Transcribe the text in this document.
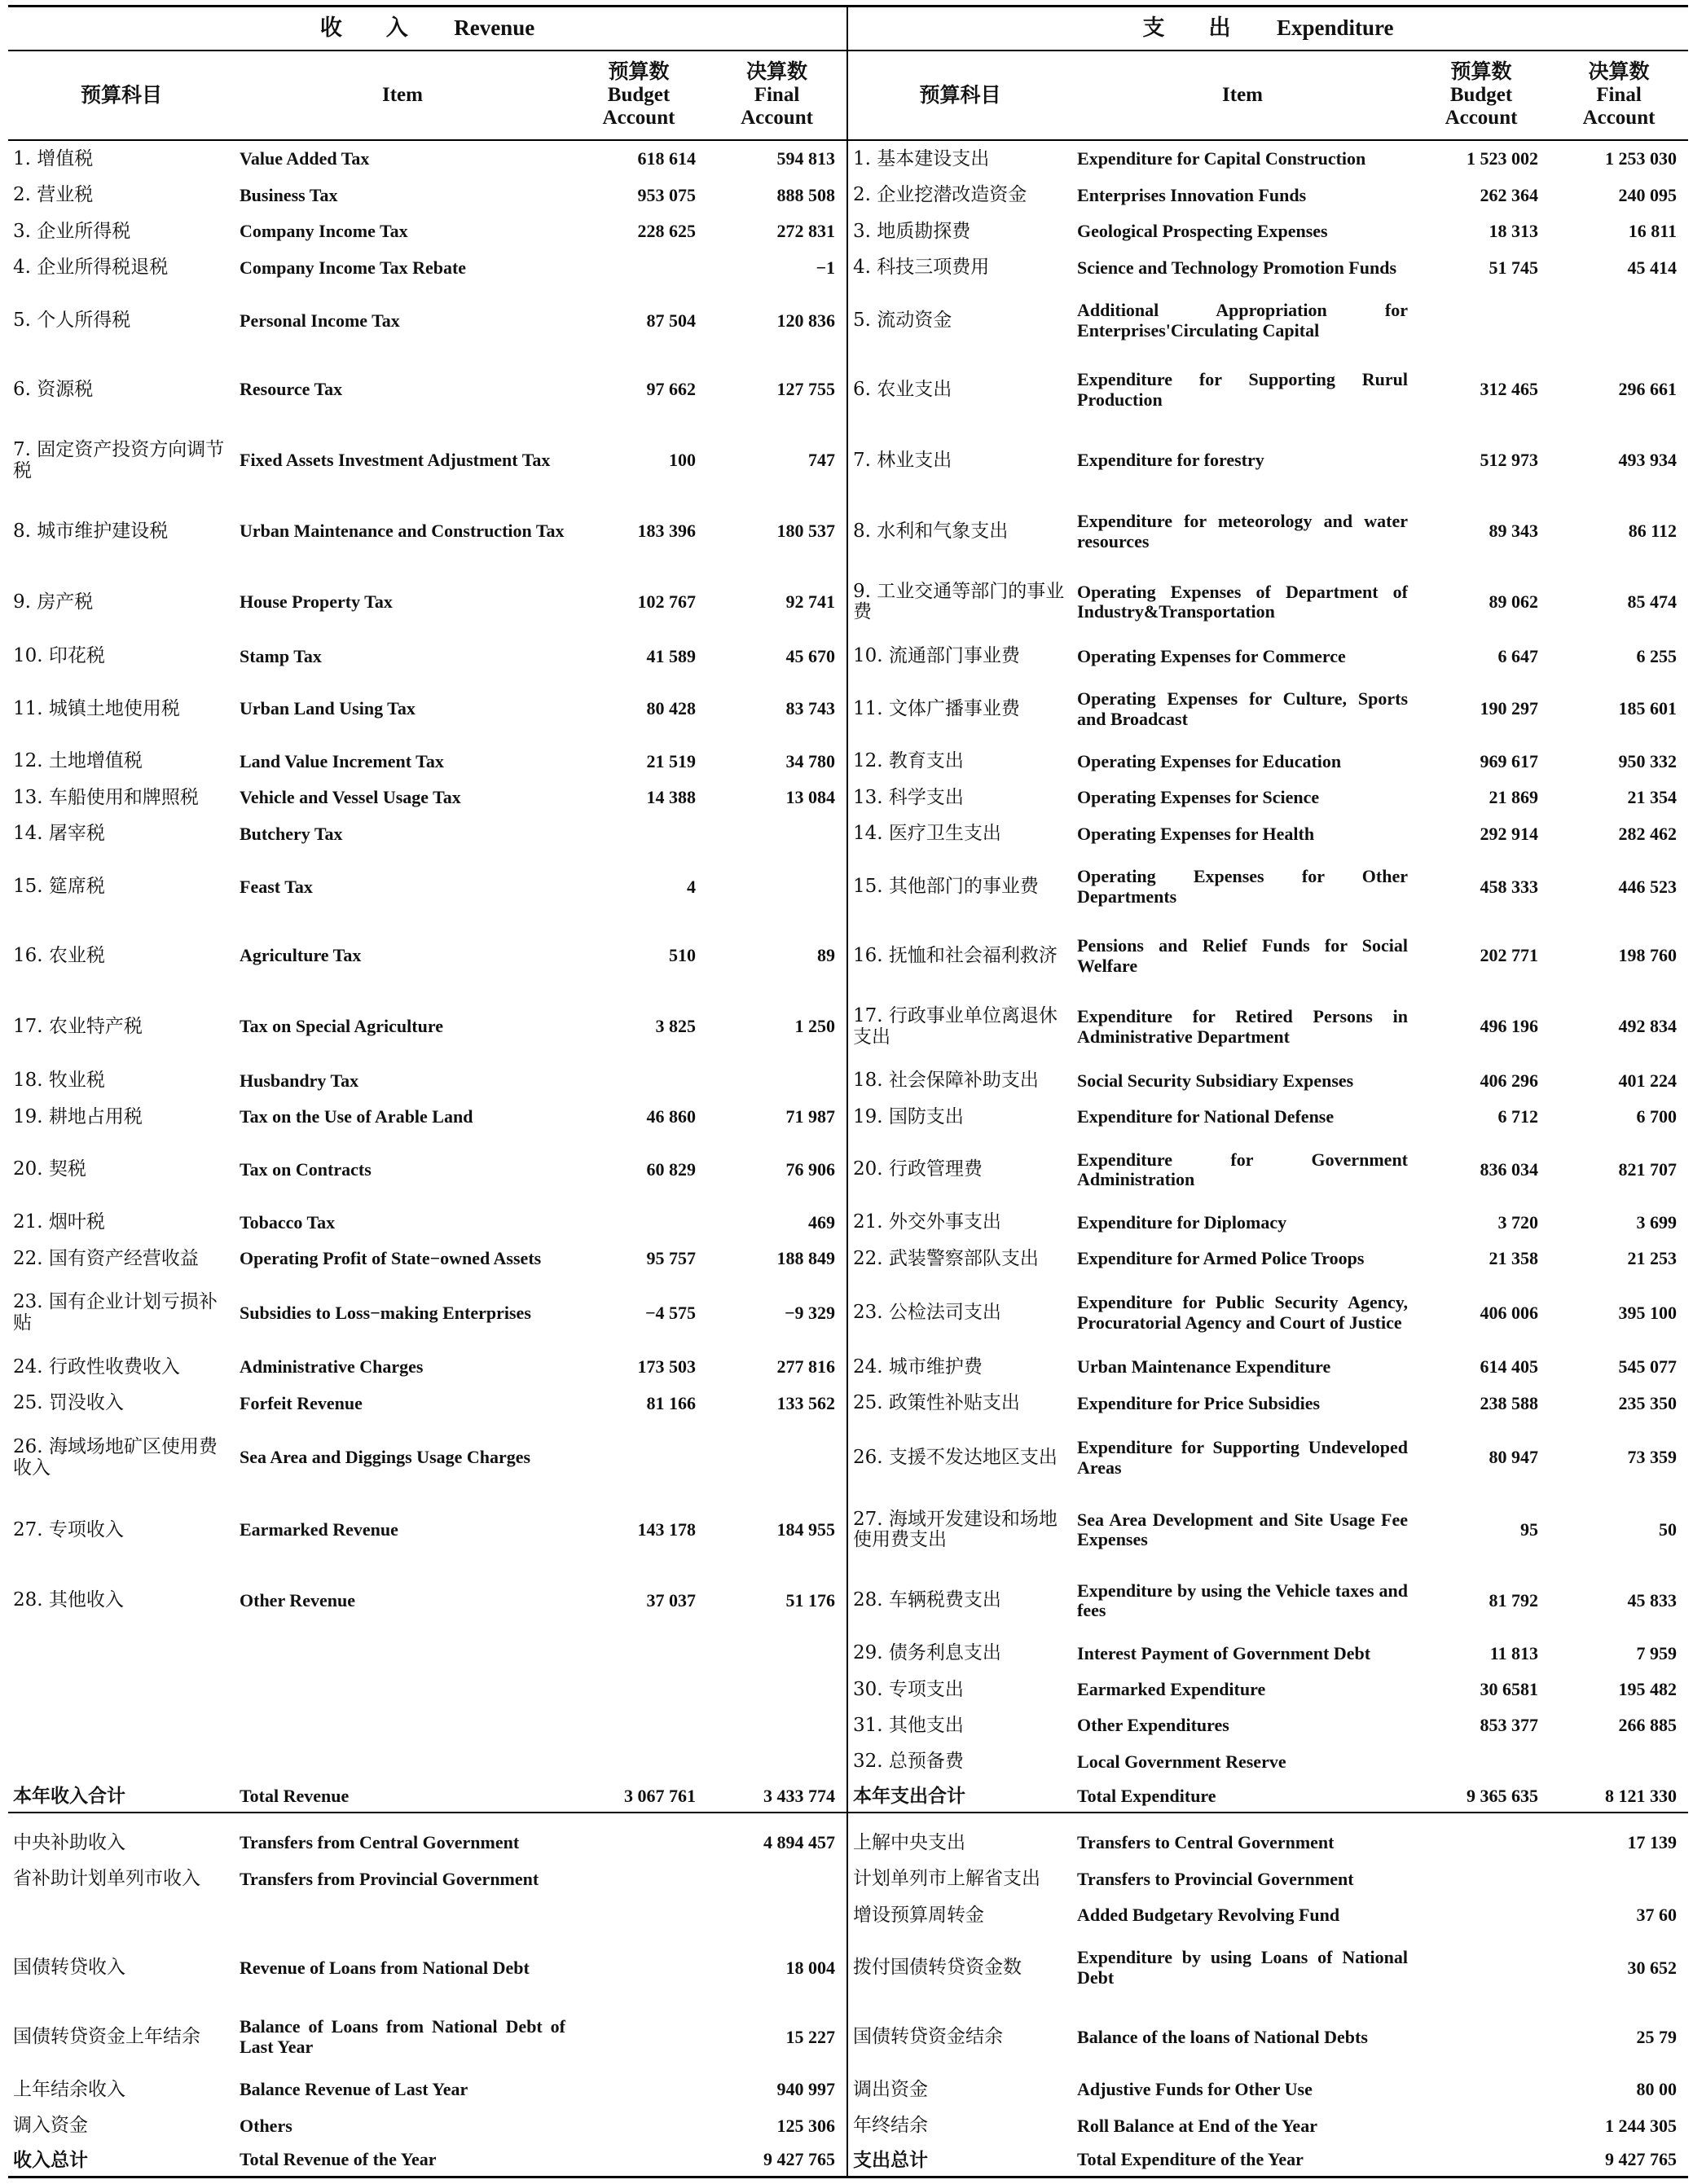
收　　入 Revenue				支　　出 Expenditure			
预算科目	Item	预算数
Budget
Account	决算数
Final
Account	预算科目	Item	预算数
Budget
Account	决算数
Final
Account
1. 增值税	Value Added Tax	618 614	594 813	1. 基本建设支出	Expenditure for Capital Construction	1 523 002	1 253 030
2. 营业税	Business Tax	953 075	888 508	2. 企业挖潜改造资金	Enterprises Innovation Funds	262 364	240 095
3. 企业所得税	Company Income Tax	228 625	272 831	3. 地质勘探费	Geological Prospecting Expenses	18 313	16 811
4. 企业所得税退税	Company Income Tax Rebate		−1	4. 科技三项费用	Science and Technology Promotion Funds	51 745	45 414
5. 个人所得税	Personal Income Tax	87 504	120 836	5. 流动资金	Additional Appropriation for Enterprises'Circulating Capital		
6. 资源税	Resource Tax	97 662	127 755	6. 农业支出	Expenditure for Supporting Rurul Production	312 465	296 661
7. 固定资产投资方向调节税	Fixed Assets Investment Adjustment Tax	100	747	7. 林业支出	Expenditure for forestry	512 973	493 934
8. 城市维护建设税	Urban Maintenance and Construction Tax	183 396	180 537	8. 水利和气象支出	Expenditure for meteorology and water resources	89 343	86 112
9. 房产税	House Property Tax	102 767	92 741	9. 工业交通等部门的事业费	Operating Expenses of Department of Industry&Transportation	89 062	85 474
10. 印花税	Stamp Tax	41 589	45 670	10. 流通部门事业费	Operating Expenses for Commerce	6 647	6 255
11. 城镇土地使用税	Urban Land Using Tax	80 428	83 743	11. 文体广播事业费	Operating Expenses for Culture, Sports and Broadcast	190 297	185 601
12. 土地增值税	Land Value Increment Tax	21 519	34 780	12. 教育支出	Operating Expenses for Education	969 617	950 332
13. 车船使用和牌照税	Vehicle and Vessel Usage Tax	14 388	13 084	13. 科学支出	Operating Expenses for Science	21 869	21 354
14. 屠宰税	Butchery Tax			14. 医疗卫生支出	Operating Expenses for Health	292 914	282 462
15. 筵席税	Feast Tax	4		15. 其他部门的事业费	Operating Expenses for Other Departments	458 333	446 523
16. 农业税	Agriculture Tax	510	89	16. 抚恤和社会福利救济	Pensions and Relief Funds for Social Welfare	202 771	198 760
17. 农业特产税	Tax on Special Agriculture	3 825	1 250	17. 行政事业单位离退休支出	Expenditure for Retired Persons in Administrative Department	496 196	492 834
18. 牧业税	Husbandry Tax			18. 社会保障补助支出	Social Security Subsidiary Expenses	406 296	401 224
19. 耕地占用税	Tax on the Use of Arable Land	46 860	71 987	19. 国防支出	Expenditure for National Defense	6 712	6 700
20. 契税	Tax on Contracts	60 829	76 906	20. 行政管理费	Expenditure for Government Administration	836 034	821 707
21. 烟叶税	Tobacco Tax		469	21. 外交外事支出	Expenditure for Diplomacy	3 720	3 699
22. 国有资产经营收益	Operating Profit of State−owned Assets	95 757	188 849	22. 武装警察部队支出	Expenditure for Armed Police Troops	21 358	21 253
23. 国有企业计划亏损补贴	Subsidies to Loss−making Enterprises	−4 575	−9 329	23. 公检法司支出	Expenditure for Public Security Agency, Procuratorial Agency and Court of Justice	406 006	395 100
24. 行政性收费收入	Administrative Charges	173 503	277 816	24. 城市维护费	Urban Maintenance Expenditure	614 405	545 077
25. 罚没收入	Forfeit Revenue	81 166	133 562	25. 政策性补贴支出	Expenditure for Price Subsidies	238 588	235 350
26. 海域场地矿区使用费收入	Sea Area and Diggings Usage Charges			26. 支援不发达地区支出	Expenditure for Supporting Undeveloped Areas	80 947	73 359
27. 专项收入	Earmarked Revenue	143 178	184 955	27. 海域开发建设和场地使用费支出	Sea Area Development and Site Usage Fee Expenses	95	50
28. 其他收入	Other Revenue	37 037	51 176	28. 车辆税费支出	Expenditure by using the Vehicle taxes and fees	81 792	45 833
				29. 债务利息支出	Interest Payment of Government Debt	11 813	7 959
				30. 专项支出	Earmarked Expenditure	30 6581	195 482
				31. 其他支出	Other Expenditures	853 377	266 885
				32. 总预备费	Local Government Reserve		
本年收入合计	Total Revenue	3 067 761	3 433 774	本年支出合计	Total Expenditure	9 365 635	8 121 330

中央补助收入	Transfers from Central Government		4 894 457	上解中央支出	Transfers to Central Government		17 139
省补助计划单列市收入	Transfers from Provincial Government			计划单列市上解省支出	Transfers to Provincial Government		
				增设预算周转金	Added Budgetary Revolving Fund		37 60
国债转贷收入	Revenue of Loans from National Debt		18 004	拨付国债转贷资金数	Expenditure by using Loans of National Debt		30 652
国债转贷资金上年结余	Balance of Loans from National Debt of Last Year		15 227	国债转贷资金结余	Balance of the loans of National Debts		25 79
上年结余收入	Balance Revenue of Last Year		940 997	调出资金	Adjustive Funds for Other Use		80 00
调入资金	Others		125 306	年终结余	Roll Balance at End of the Year		1 244 305
收入总计	Total Revenue of the Year		9 427 765	支出总计	Total Expenditure of the Year		9 427 765
